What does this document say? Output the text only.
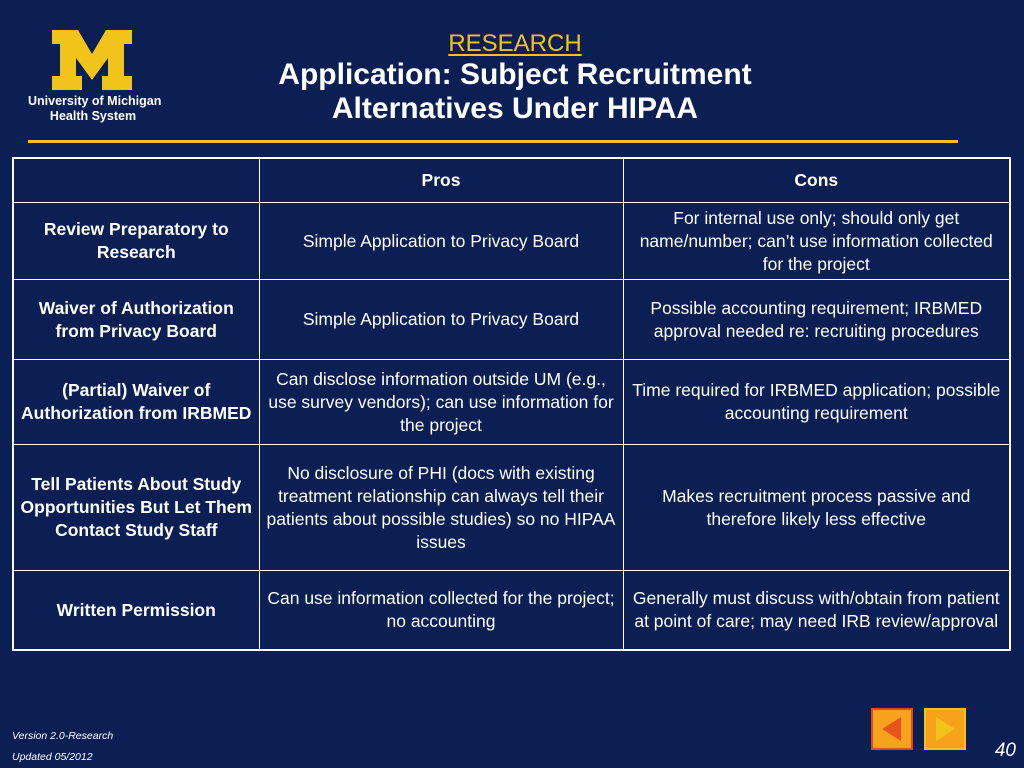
University of Michigan
Health System
RESEARCH
Application: Subject Recruitment
Alternatives Under HIPAA
	Pros	Cons
Review Preparatory to Research	Simple Application to Privacy Board	For internal use only; should only get name/number; can’t use information collected for the project
Waiver of Authorization from Privacy Board	Simple Application to Privacy Board	Possible accounting requirement; IRBMED approval needed re: recruiting procedures
(Partial) Waiver of Authorization from IRBMED	Can disclose information outside UM (e.g., use survey vendors); can use information for the project	Time required for IRBMED application; possible accounting requirement
Tell Patients About Study Opportunities But Let Them Contact Study Staff	No disclosure of PHI (docs with existing treatment relationship can always tell their patients about possible studies) so no HIPAA issues	Makes recruitment process passive and therefore likely less effective
Written Permission	Can use information collected for the project; no accounting	Generally must discuss with/obtain from patient at point of care; may need IRB review/approval
Version 2.0-Research
Updated 05/2012	40
